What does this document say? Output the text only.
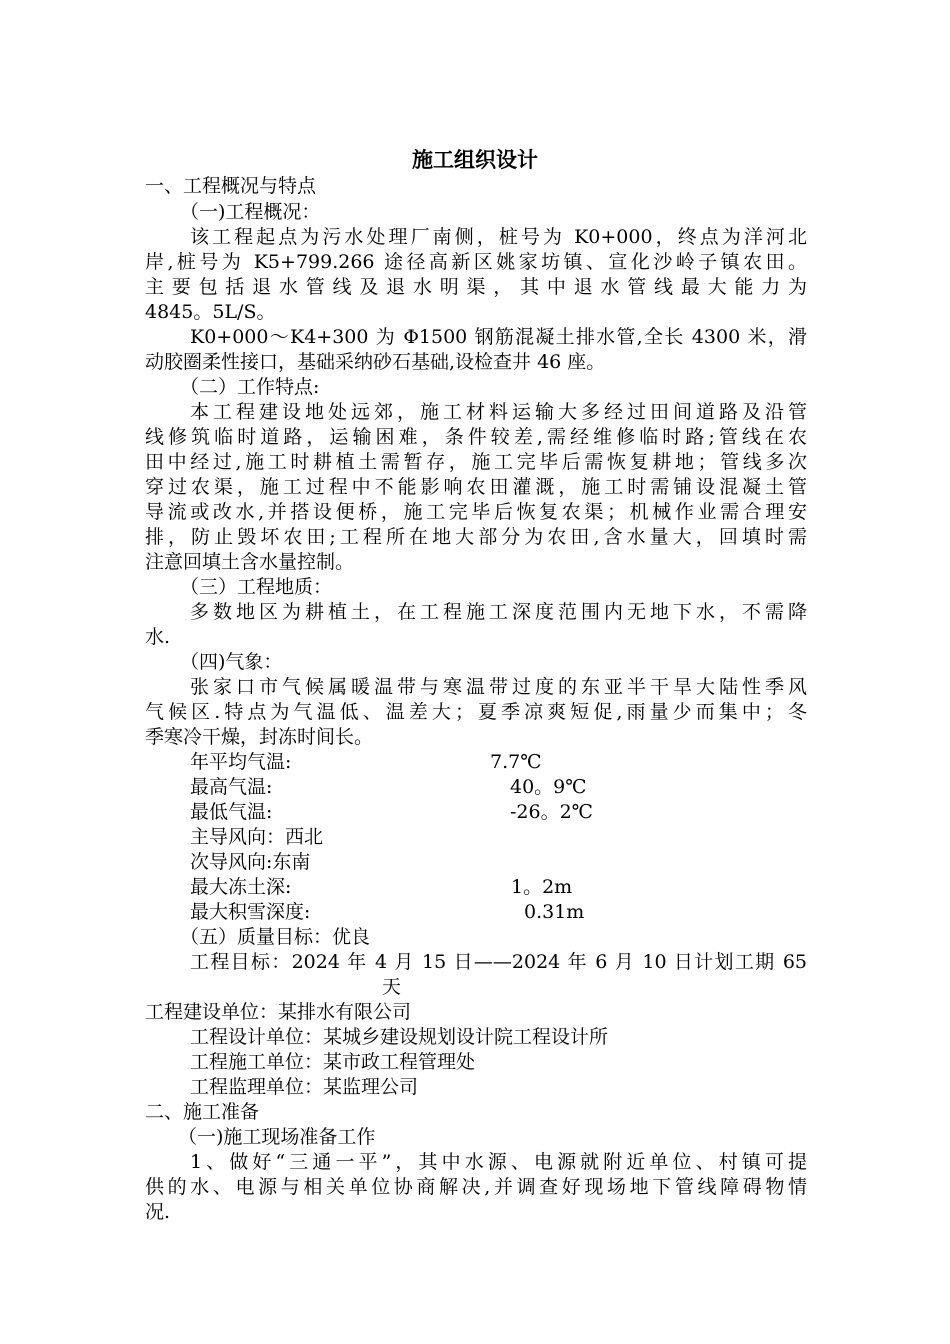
施工组织设计
一、工程概况与特点
（一)工程概况：
该工程起点为污水处理厂南侧，桩号为 K0+000，终点为洋河北
岸,桩号为 K5+799.266 途径高新区姚家坊镇、宣化沙岭子镇农田。
主要包括退水管线及退水明渠，其中退水管线最大能力为
4845。5L/S。
K0+000～K4+300 为 Φ1500 钢筋混凝土排水管,全长 4300 米，滑
动胶圈柔性接口，基础采纳砂石基础,设检查井 46 座。
（二）工作特点:
本工程建设地处远郊，施工材料运输大多经过田间道路及沿管
线修筑临时道路，运输困难，条件较差,需经维修临时路;管线在农
田中经过,施工时耕植土需暂存，施工完毕后需恢复耕地；管线多次
穿过农渠，施工过程中不能影响农田灌溉，施工时需铺设混凝土管
导流或改水,并搭设便桥，施工完毕后恢复农渠；机械作业需合理安
排，防止毁坏农田;工程所在地大部分为农田,含水量大，回填时需
注意回填土含水量控制。
（三）工程地质：
多数地区为耕植土，在工程施工深度范围内无地下水，不需降
水.
（四)气象：
张家口市气候属暖温带与寒温带过度的东亚半干旱大陆性季风
气候区.特点为气温低、温差大；夏季凉爽短促,雨量少而集中；冬
季寒冷干燥，封冻时间长。
年平均气温:	7.7℃
最高气温:	40。9℃
最低气温:	-26。2℃
主导风向：西北
次导风向:东南
最大冻土深:	1。2m
最大积雪深度:	0.31m
（五）质量目标：优良
工程目标：2024 年 4 月 15 日——2024 年 6 月 10 日计划工期 65
天
工程建设单位：某排水有限公司
工程设计单位：某城乡建设规划设计院工程设计所
工程施工单位：某市政工程管理处
工程监理单位：某监理公司
二、施工准备
（一)施工现场准备工作
1、做好“三通一平”，其中水源、电源就附近单位、村镇可提
供的水、电源与相关单位协商解决,并调查好现场地下管线障碍物情
况.
